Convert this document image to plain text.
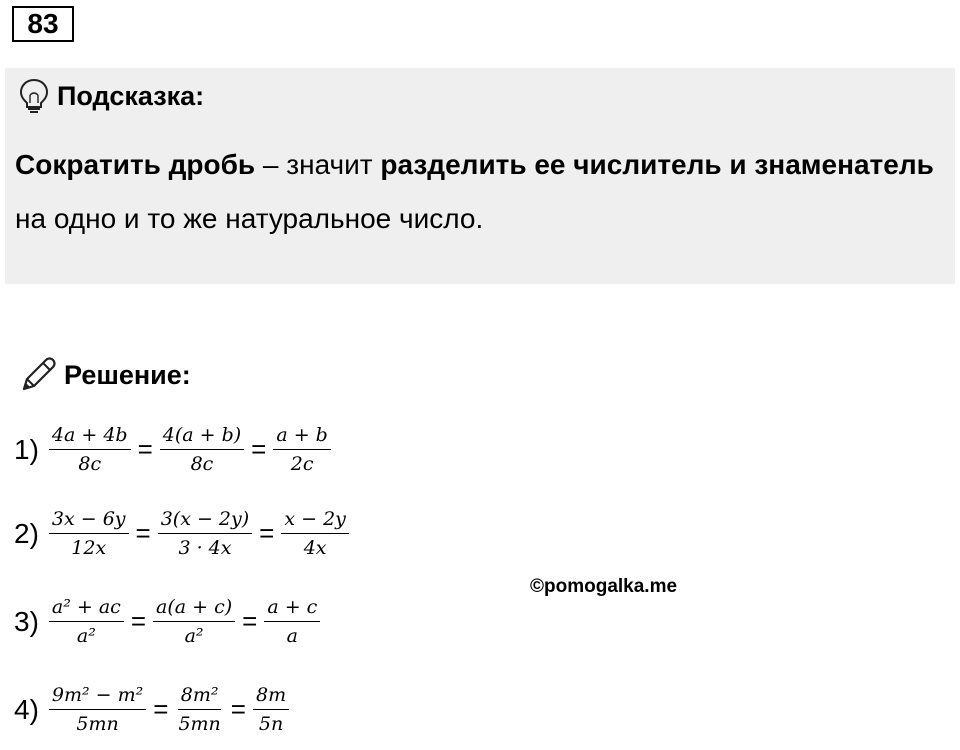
83
Подсказка:
Сократить дробь – значит разделить ее числитель и знаменатель на одно и то же натуральное число.
Решение:
$1) \frac{4a + 4b}{8c} = \frac{4(a + b)}{8c} = \frac{a + b}{2c}$
$2) \frac{3x - 6y}{12x} = \frac{3(x - 2y)}{3 \cdot 4x} = \frac{x - 2y}{4x}$
$3) \frac{\text{a² + ac}}{\text{a²}} = \frac{a(a + c)}{\text{a²}} = \frac{a + c}{a}$
$4) \frac{\text{9m² − m²}}{5mn} = \frac{\text{8m²}}{5mn} = \frac{8m}{5n}$
©pomogalka.me
